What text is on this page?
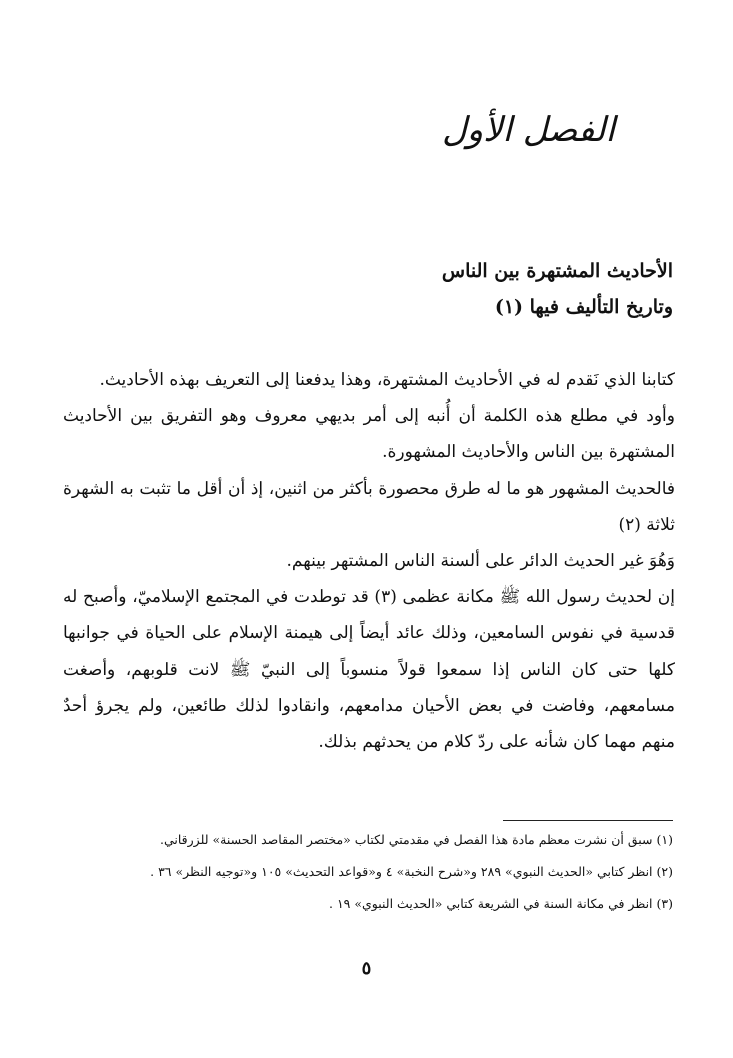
الفصل الأول
الأحاديث المشتهرة بين الناس
وتاريخ التأليف فيها (١)

كتابنا الذي نَقدم له في الأحاديث المشتهرة، وهذا يدفعنا إلى التعريف بهذه الأحاديث.

وأود في مطلع هذه الكلمة أن أُنبه إلى أمر بديهي معروف وهو التفريق بين الأحاديث المشتهرة بين الناس والأحاديث المشهورة.

فالحديث المشهور هو ما له طرق محصورة بأكثر من اثنين، إذ أن أقل ما تثبت به الشهرة ثلاثة (٢)

وَهُوَ غير الحديث الدائر على ألسنة الناس المشتهر بينهم.

إن لحديث رسول الله ﷺ مكانة عظمى (٣) قد توطدت في المجتمع الإسلاميّ، وأصبح له قدسية في نفوس السامعين، وذلك عائد أيضاً إلى هيمنة الإسلام على الحياة في جوانبها كلها حتى كان الناس إذا سمعوا قولاً منسوباً إلى النبيّ ﷺ لانت قلوبهم، وأصغت مسامعهم، وفاضت في بعض الأحيان مدامعهم، وانقادوا لذلك طائعين، ولم يجرؤ أحدٌ منهم مهما كان شأنه على ردّ كلام من يحدثهم بذلك.

(١) سبق أن نشرت معظم مادة هذا الفصل في مقدمتي لكتاب «مختصر المقاصد الحسنة» للزرقاني.

(٢) انظر كتابي «الحديث النبوي» ٢٨٩ و«شرح النخبة» ٤ و«قواعد التحديث» ١٠٥ و«توجيه النظر» ٣٦ .

(٣) انظر في مكانة السنة في الشريعة كتابي «الحديث النبوي» ١٩ .

٥
